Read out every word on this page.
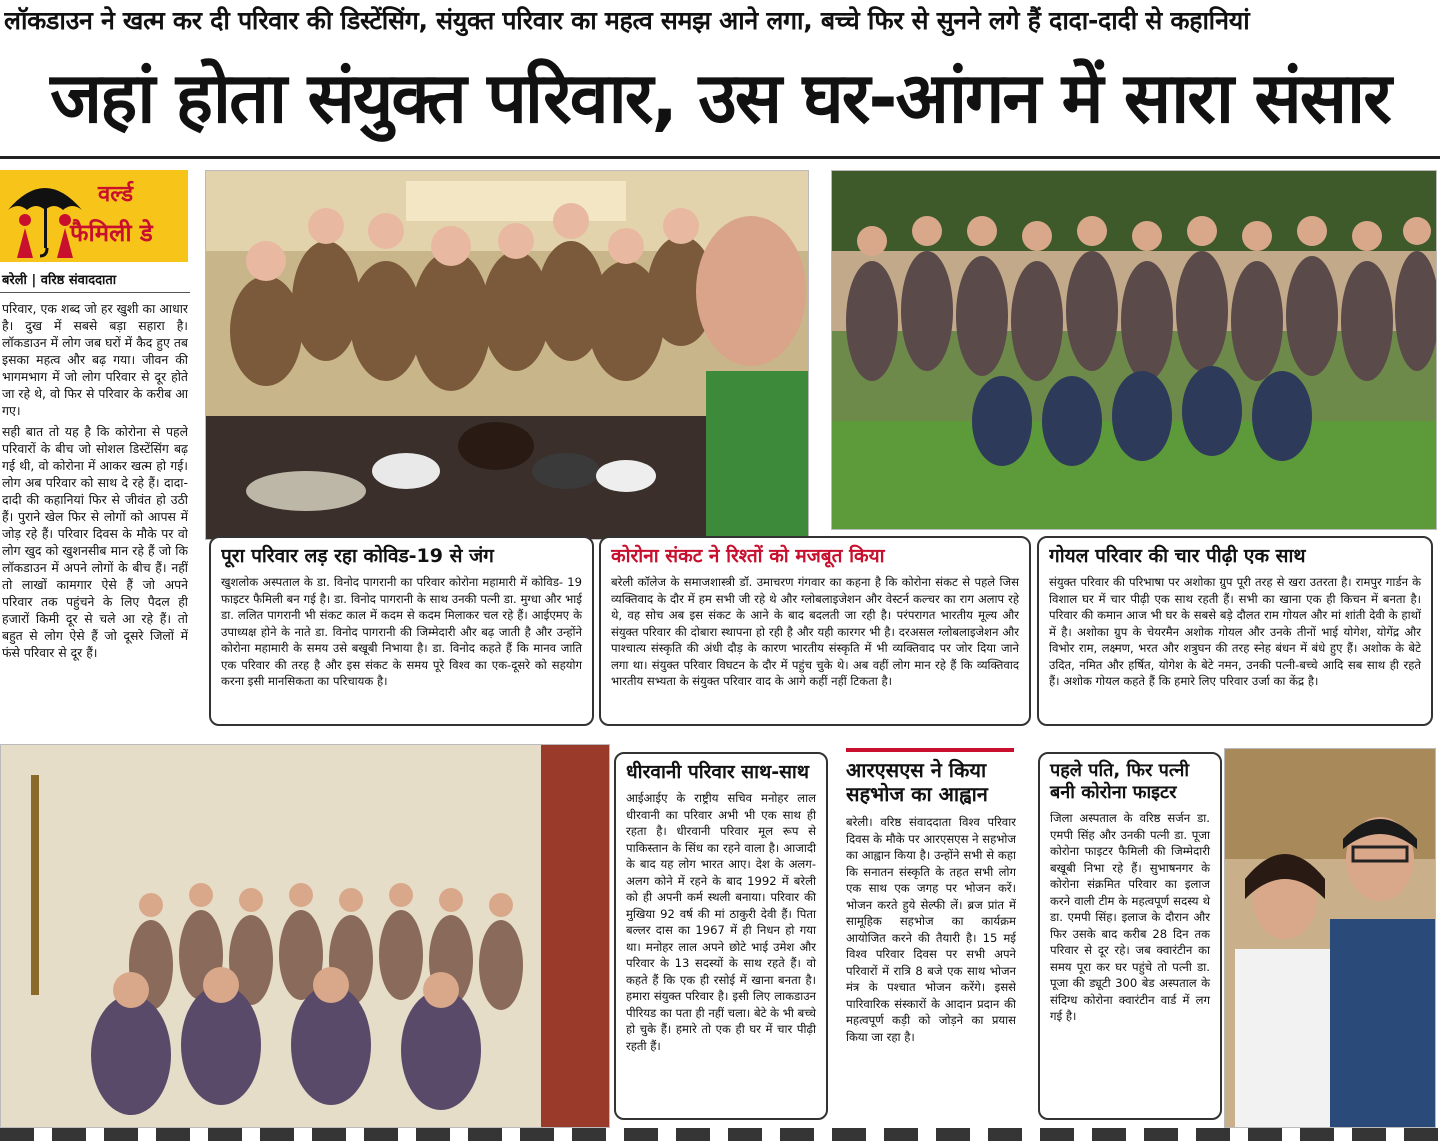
लॉकडाउन ने खत्म कर दी परिवार की डिस्टेंसिंग, संयुक्त परिवार का महत्व समझ आने लगा, बच्चे फिर से सुनने लगे हैं दादा-दादी से कहानियां
जहां होता संयुक्त परिवार, उस घर-आंगन में सारा संसार
वर्ल्ड
फैमिली डे
बरेली | वरिष्ठ संवाददाता

परिवार, एक शब्द जो हर खुशी का आधार है। दुख में सबसे बड़ा सहारा है। लॉकडाउन में लोग जब घरों में कैद हुए तब इसका महत्व और बढ़ गया। जीवन की भागमभाग में जो लोग परिवार से दूर होते जा रहे थे, वो फिर से परिवार के करीब आ गए।

सही बात तो यह है कि कोरोना से पहले परिवारों के बीच जो सोशल डिस्टेंसिंग बढ़ गई थी, वो कोरोना में आकर खत्म हो गई। लोग अब परिवार को साथ दे रहे हैं। दादा-दादी की कहानियां फिर से जीवंत हो उठी हैं। पुराने खेल फिर से लोगों को आपस में जोड़ रहे हैं। परिवार दिवस के मौके पर वो लोग खुद को खुशनसीब मान रहे हैं जो कि लॉकडाउन में अपने लोगों के बीच हैं। नहीं तो लाखों कामगार ऐसे हैं जो अपने परिवार तक पहुंचने के लिए पैदल ही हजारों किमी दूर से चले आ रहे हैं। तो बहुत से लोग ऐसे हैं जो दूसरे जिलों में फंसे परिवार से दूर हैं।

पूरा परिवार लड़ रहा कोविड-19 से जंग
खुशलोक अस्पताल के डा. विनोद पागरानी का परिवार कोरोना महामारी में कोविड- 19 फाइटर फैमिली बन गई है। डा. विनोद पागरानी के साथ उनकी पत्नी डा. मुग्धा और भाई डा. ललित पागरानी भी संकट काल में कदम से कदम मिलाकर चल रहे हैं। आईएमए के उपाध्यक्ष होने के नाते डा. विनोद पागरानी की जिम्मेदारी और बढ़ जाती है और उन्होंने कोरोना महामारी के समय उसे बखूबी निभाया है। डा. विनोद कहते हैं कि मानव जाति एक परिवार की तरह है और इस संकट के समय पूरे विश्व का एक-दूसरे को सहयोग करना इसी मानसिकता का परिचायक है।
कोरोना संकट ने रिश्तों को मजबूत किया
बरेली कॉलेज के समाजशास्त्री डॉ. उमाचरण गंगवार का कहना है कि कोरोना संकट से पहले जिस व्यक्तिवाद के दौर में हम सभी जी रहे थे और ग्लोबलाइजेशन और वेस्टर्न कल्चर का राग अलाप रहे थे, वह सोच अब इस संकट के आने के बाद बदलती जा रही है। परंपरागत भारतीय मूल्य और संयुक्त परिवार की दोबारा स्थापना हो रही है और यही कारगर भी है। दरअसल ग्लोबलाइजेशन और पाश्चात्य संस्कृति की अंधी दौड़ के कारण भारतीय संस्कृति में भी व्यक्तिवाद पर जोर दिया जाने लगा था। संयुक्त परिवार विघटन के दौर में पहुंच चुके थे। अब वहीं लोग मान रहे हैं कि व्यक्तिवाद भारतीय सभ्यता के संयुक्त परिवार वाद के आगे कहीं नहीं टिकता है।
गोयल परिवार की चार पीढ़ी एक साथ
संयुक्त परिवार की परिभाषा पर अशोका ग्रुप पूरी तरह से खरा उतरता है। रामपुर गार्डन के विशाल घर में चार पीढ़ी एक साथ रहती हैं। सभी का खाना एक ही किचन में बनता है। परिवार की कमान आज भी घर के सबसे बड़े दौलत राम गोयल और मां शांती देवी के हाथों में है। अशोका ग्रुप के चेयरमैन अशोक गोयल और उनके तीनों भाई योगेश, योगेंद्र और विभोर राम, लक्ष्मण, भरत और शत्रुघन की तरह स्नेह बंधन में बंधे हुए हैं। अशोक के बेटे उदित, नमित और हर्षित, योगेश के बेटे नमन, उनकी पत्नी-बच्चे आदि सब साथ ही रहते हैं। अशोक गोयल कहते हैं कि हमारे लिए परिवार उर्जा का केंद्र है।
धीरवानी परिवार साथ-साथ
आईआईए के राष्ट्रीय सचिव मनोहर लाल धीरवानी का परिवार अभी भी एक साथ ही रहता है। धीरवानी परिवार मूल रूप से पाकिस्तान के सिंध का रहने वाला है। आजादी के बाद यह लोग भारत आए। देश के अलग-अलग कोने में रहने के बाद 1992 में बरेली को ही अपनी कर्म स्थली बनाया। परिवार की मुखिया 92 वर्ष की मां ठाकुरी देवी हैं। पिता बल्लर दास का 1967 में ही निधन हो गया था। मनोहर लाल अपने छोटे भाई उमेश और परिवार के 13 सदस्यों के साथ रहते हैं। वो कहते हैं कि एक ही रसोई में खाना बनता है। हमारा संयुक्त परिवार है। इसी लिए लाकडाउन पीरियड का पता ही नहीं चला। बेटे के भी बच्चे हो चुके हैं। हमारे तो एक ही घर में चार पीढ़ी रहती हैं।
आरएसएस ने किया सहभोज का आह्वान
बरेली। वरिष्ठ संवाददाता विश्व परिवार दिवस के मौके पर आरएसएस ने सहभोज का आह्वान किया है। उन्होंने सभी से कहा कि सनातन संस्कृति के तहत सभी लोग एक साथ एक जगह पर भोजन करें। भोजन करते हुये सेल्फी लें। ब्रज प्रांत में सामूहिक सहभोज का कार्यक्रम आयोजित करने की तैयारी है। 15 मई विश्व परिवार दिवस पर सभी अपने परिवारों में रात्रि 8 बजे एक साथ भोजन मंत्र के पश्चात भोजन करेंगे। इससे पारिवारिक संस्कारों के आदान प्रदान की महत्वपूर्ण कड़ी को जोड़ने का प्रयास किया जा रहा है।
पहले पति, फिर पत्नी बनी कोरोना फाइटर
जिला अस्पताल के वरिष्ठ सर्जन डा. एमपी सिंह और उनकी पत्नी डा. पूजा कोरोना फाइटर फैमिली की जिम्मेदारी बखूबी निभा रहे हैं। सुभाषनगर के कोरोना संक्रमित परिवार का इलाज करने वाली टीम के महत्वपूर्ण सदस्य थे डा. एमपी सिंह। इलाज के दौरान और फिर उसके बाद करीब 28 दिन तक परिवार से दूर रहे। जब क्वारंटीन का समय पूरा कर घर पहुंचे तो पत्नी डा. पूजा की ड्यूटी 300 बेड अस्पताल के संदिग्ध कोरोना क्वारंटीन वार्ड में लग गई है।
